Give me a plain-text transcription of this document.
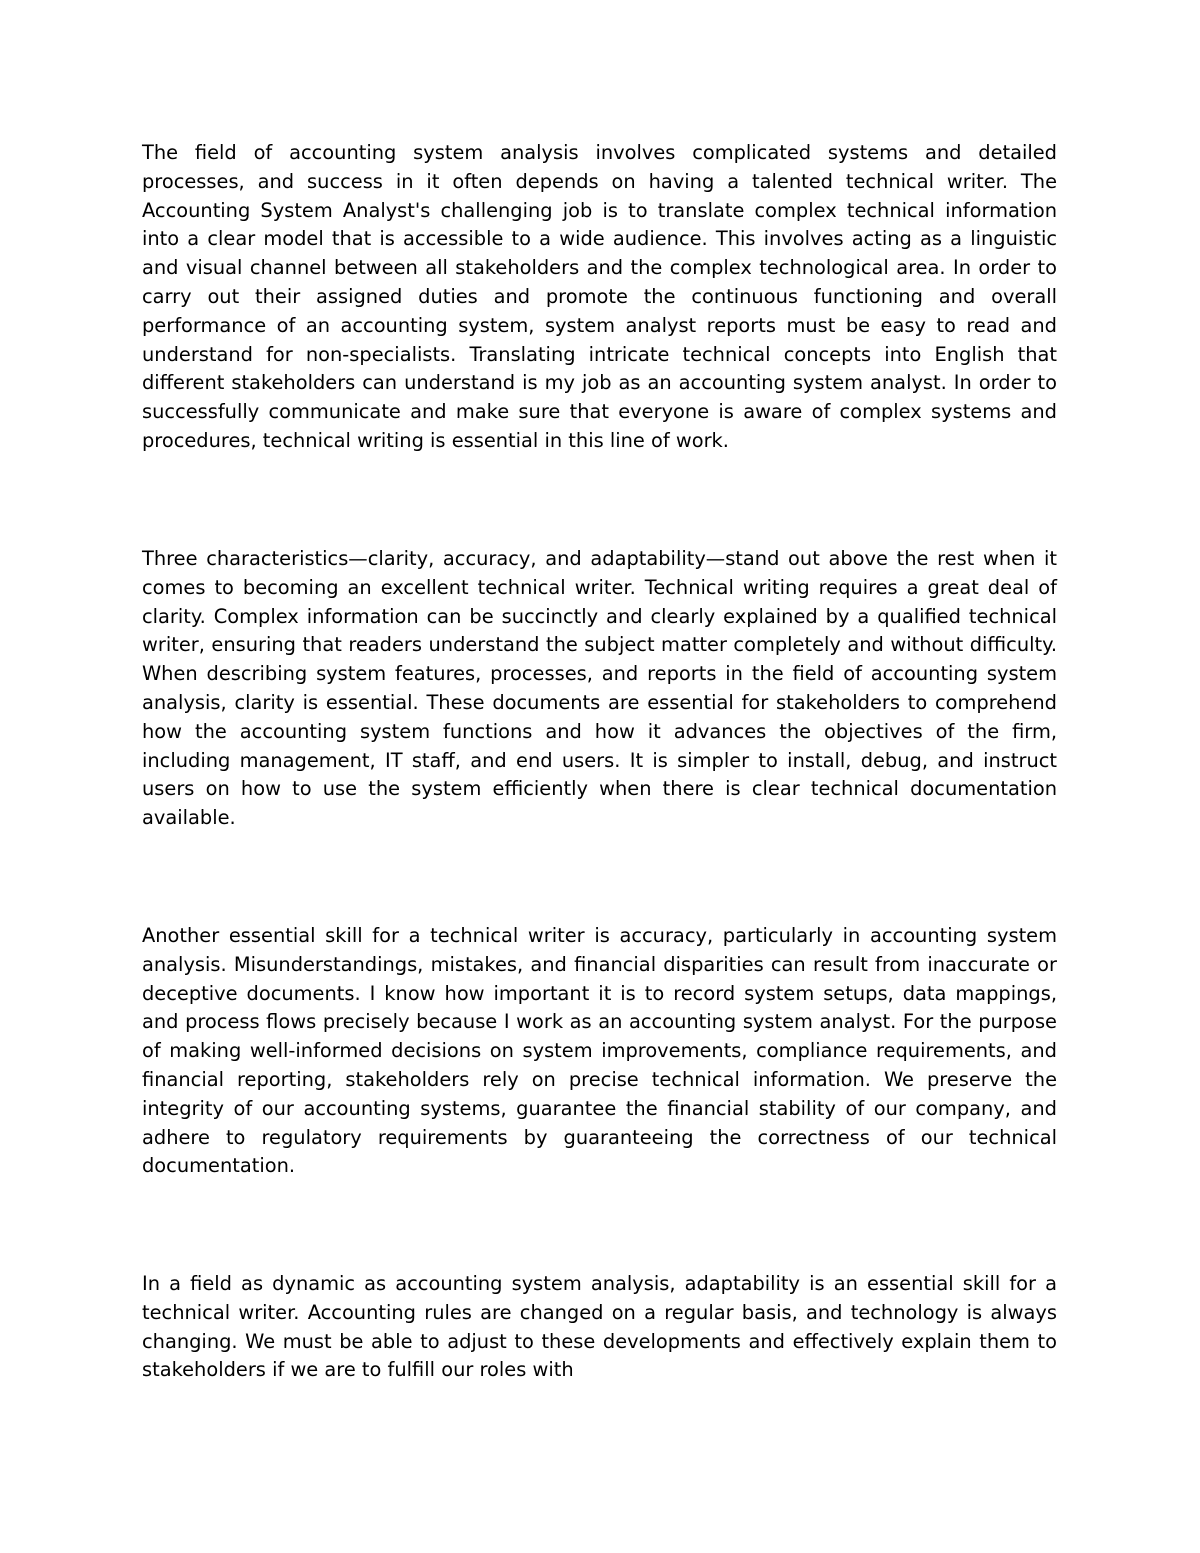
The field of accounting system analysis involves complicated systems and detailed processes, and success in it often depends on having a talented technical writer. The Accounting System Analyst's challenging job is to translate complex technical information into a clear model that is accessible to a wide audience. This involves acting as a linguistic and visual channel between all stakeholders and the complex technological area. In order to carry out their assigned duties and promote the continuous functioning and overall performance of an accounting system, system analyst reports must be easy to read and understand for non-specialists. Translating intricate technical concepts into English that different stakeholders can understand is my job as an accounting system analyst. In order to successfully communicate and make sure that everyone is aware of complex systems and procedures, technical writing is essential in this line of work.

Three characteristics—clarity, accuracy, and adaptability—stand out above the rest when it comes to becoming an excellent technical writer. Technical writing requires a great deal of clarity. Complex information can be succinctly and clearly explained by a qualified technical writer, ensuring that readers understand the subject matter completely and without difficulty. When describing system features, processes, and reports in the field of accounting system analysis, clarity is essential. These documents are essential for stakeholders to comprehend how the accounting system functions and how it advances the objectives of the firm, including management, IT staff, and end users. It is simpler to install, debug, and instruct users on how to use the system efficiently when there is clear technical documentation available.

Another essential skill for a technical writer is accuracy, particularly in accounting system analysis. Misunderstandings, mistakes, and financial disparities can result from inaccurate or deceptive documents. I know how important it is to record system setups, data mappings, and process flows precisely because I work as an accounting system analyst. For the purpose of making well-informed decisions on system improvements, compliance requirements, and financial reporting, stakeholders rely on precise technical information. We preserve the integrity of our accounting systems, guarantee the financial stability of our company, and adhere to regulatory requirements by guaranteeing the correctness of our technical documentation.

In a field as dynamic as accounting system analysis, adaptability is an essential skill for a technical writer. Accounting rules are changed on a regular basis, and technology is always changing. We must be able to adjust to these developments and effectively explain them to stakeholders if we are to fulfill our roles with
